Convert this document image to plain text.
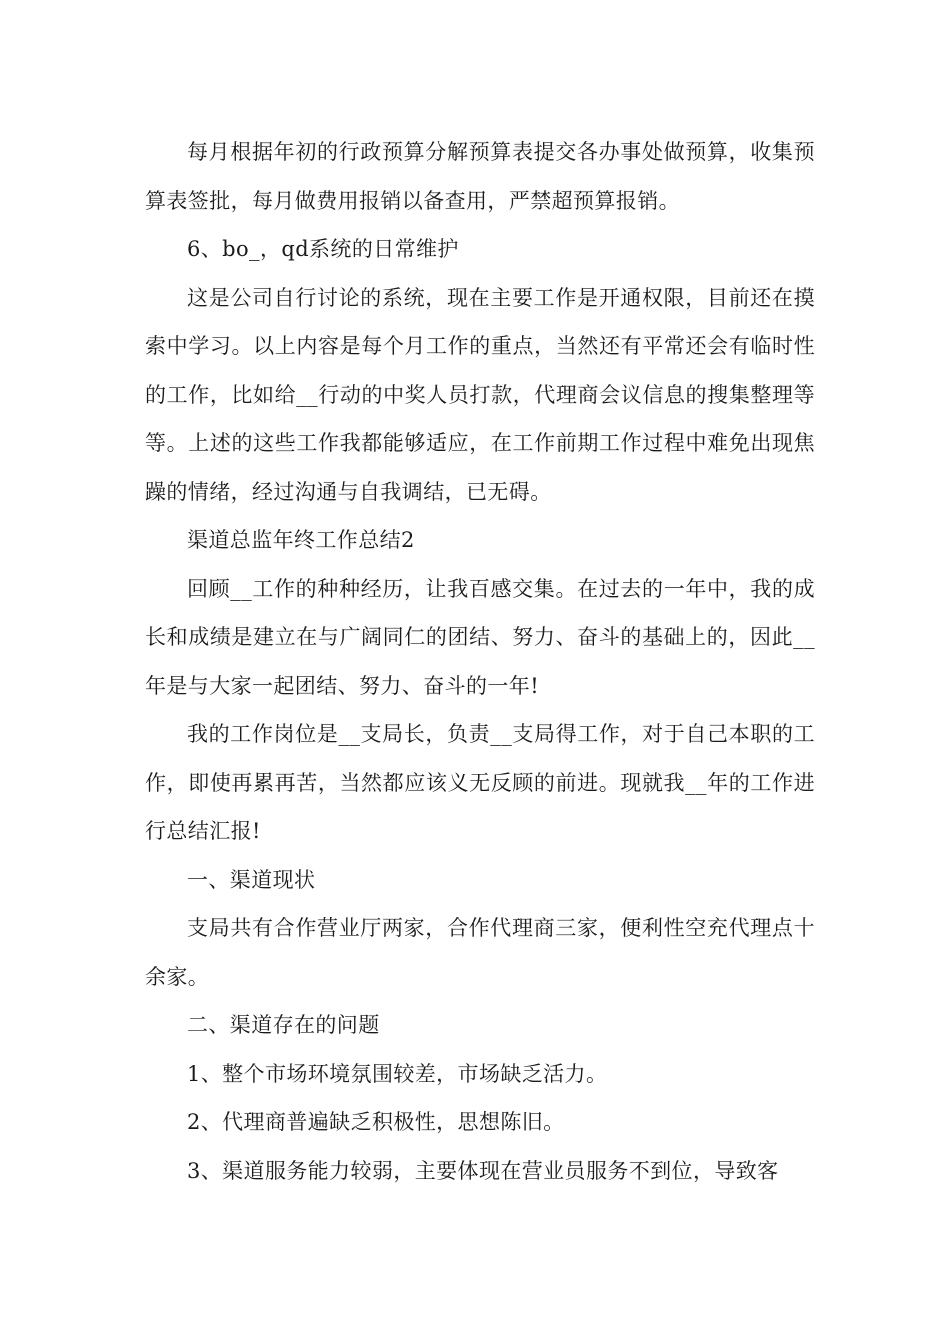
每月根据年初的行政预算分解预算表提交各办事处做预算，收集预算表签批，每月做费用报销以备查用，严禁超预算报销。

6、bo_，qd系统的日常维护

这是公司自行讨论的系统，现在主要工作是开通权限，目前还在摸索中学习。以上内容是每个月工作的重点，当然还有平常还会有临时性的工作，比如给__行动的中奖人员打款，代理商会议信息的搜集整理等等。上述的这些工作我都能够适应，在工作前期工作过程中难免出现焦躁的情绪，经过沟通与自我调结，已无碍。

渠道总监年终工作总结2

回顾__工作的种种经历，让我百感交集。在过去的一年中，我的成长和成绩是建立在与广阔同仁的团结、努力、奋斗的基础上的，因此__年是与大家一起团结、努力、奋斗的一年!

我的工作岗位是__支局长，负责__支局得工作，对于自己本职的工作，即使再累再苦，当然都应该义无反顾的前进。现就我__年的工作进行总结汇报!

一、渠道现状

支局共有合作营业厅两家，合作代理商三家，便利性空充代理点十余家。

二、渠道存在的问题

1、整个市场环境氛围较差，市场缺乏活力。

2、代理商普遍缺乏积极性，思想陈旧。

3、渠道服务能力较弱，主要体现在营业员服务不到位，导致客
